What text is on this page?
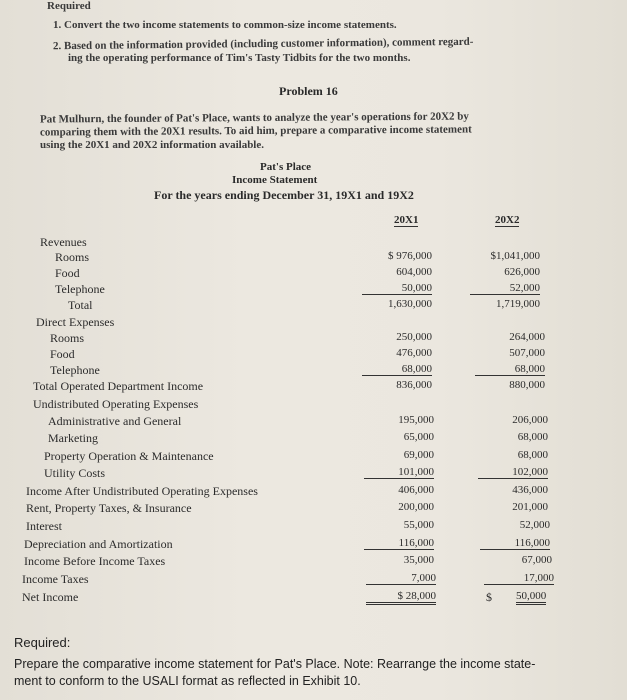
Required
1. Convert the two income statements to common-size income statements.
2. Based on the information provided (including customer information), comment regard-
ing the operating performance of Tim's Tasty Tidbits for the two months.
Problem 16
Pat Mulhurn, the founder of Pat's Place, wants to analyze the year's operations for 20X2 by
comparing them with the 20X1 results. To aid him, prepare a comparative income statement
using the 20X1 and 20X2 information available.
Pat's Place
Income Statement
For the years ending December 31, 19X1 and 19X2
20X1	20X2
Revenues
Rooms	$ 976,000	$1,041,000
Food	604,000	626,000
Telephone	50,000	52,000
Total	1,630,000	1,719,000
Direct Expenses
Rooms	250,000	264,000
Food	476,000	507,000
Telephone	68,000	68,000
Total Operated Department Income	836,000	880,000
Undistributed Operating Expenses
Administrative and General	195,000	206,000
Marketing	65,000	68,000
Property Operation & Maintenance	69,000	68,000
Utility Costs	101,000	102,000
Income After Undistributed Operating Expenses	406,000	436,000
Rent, Property Taxes, & Insurance	200,000	201,000
Interest	55,000	52,000
Depreciation and Amortization	116,000	116,000
Income Before Income Taxes	35,000	67,000
Income Taxes	7,000	17,000
Net Income	$ 28,000	$ 50,000
Required:
Prepare the comparative income statement for Pat's Place. Note: Rearrange the income state-
ment to conform to the USALI format as reflected in Exhibit 10.
